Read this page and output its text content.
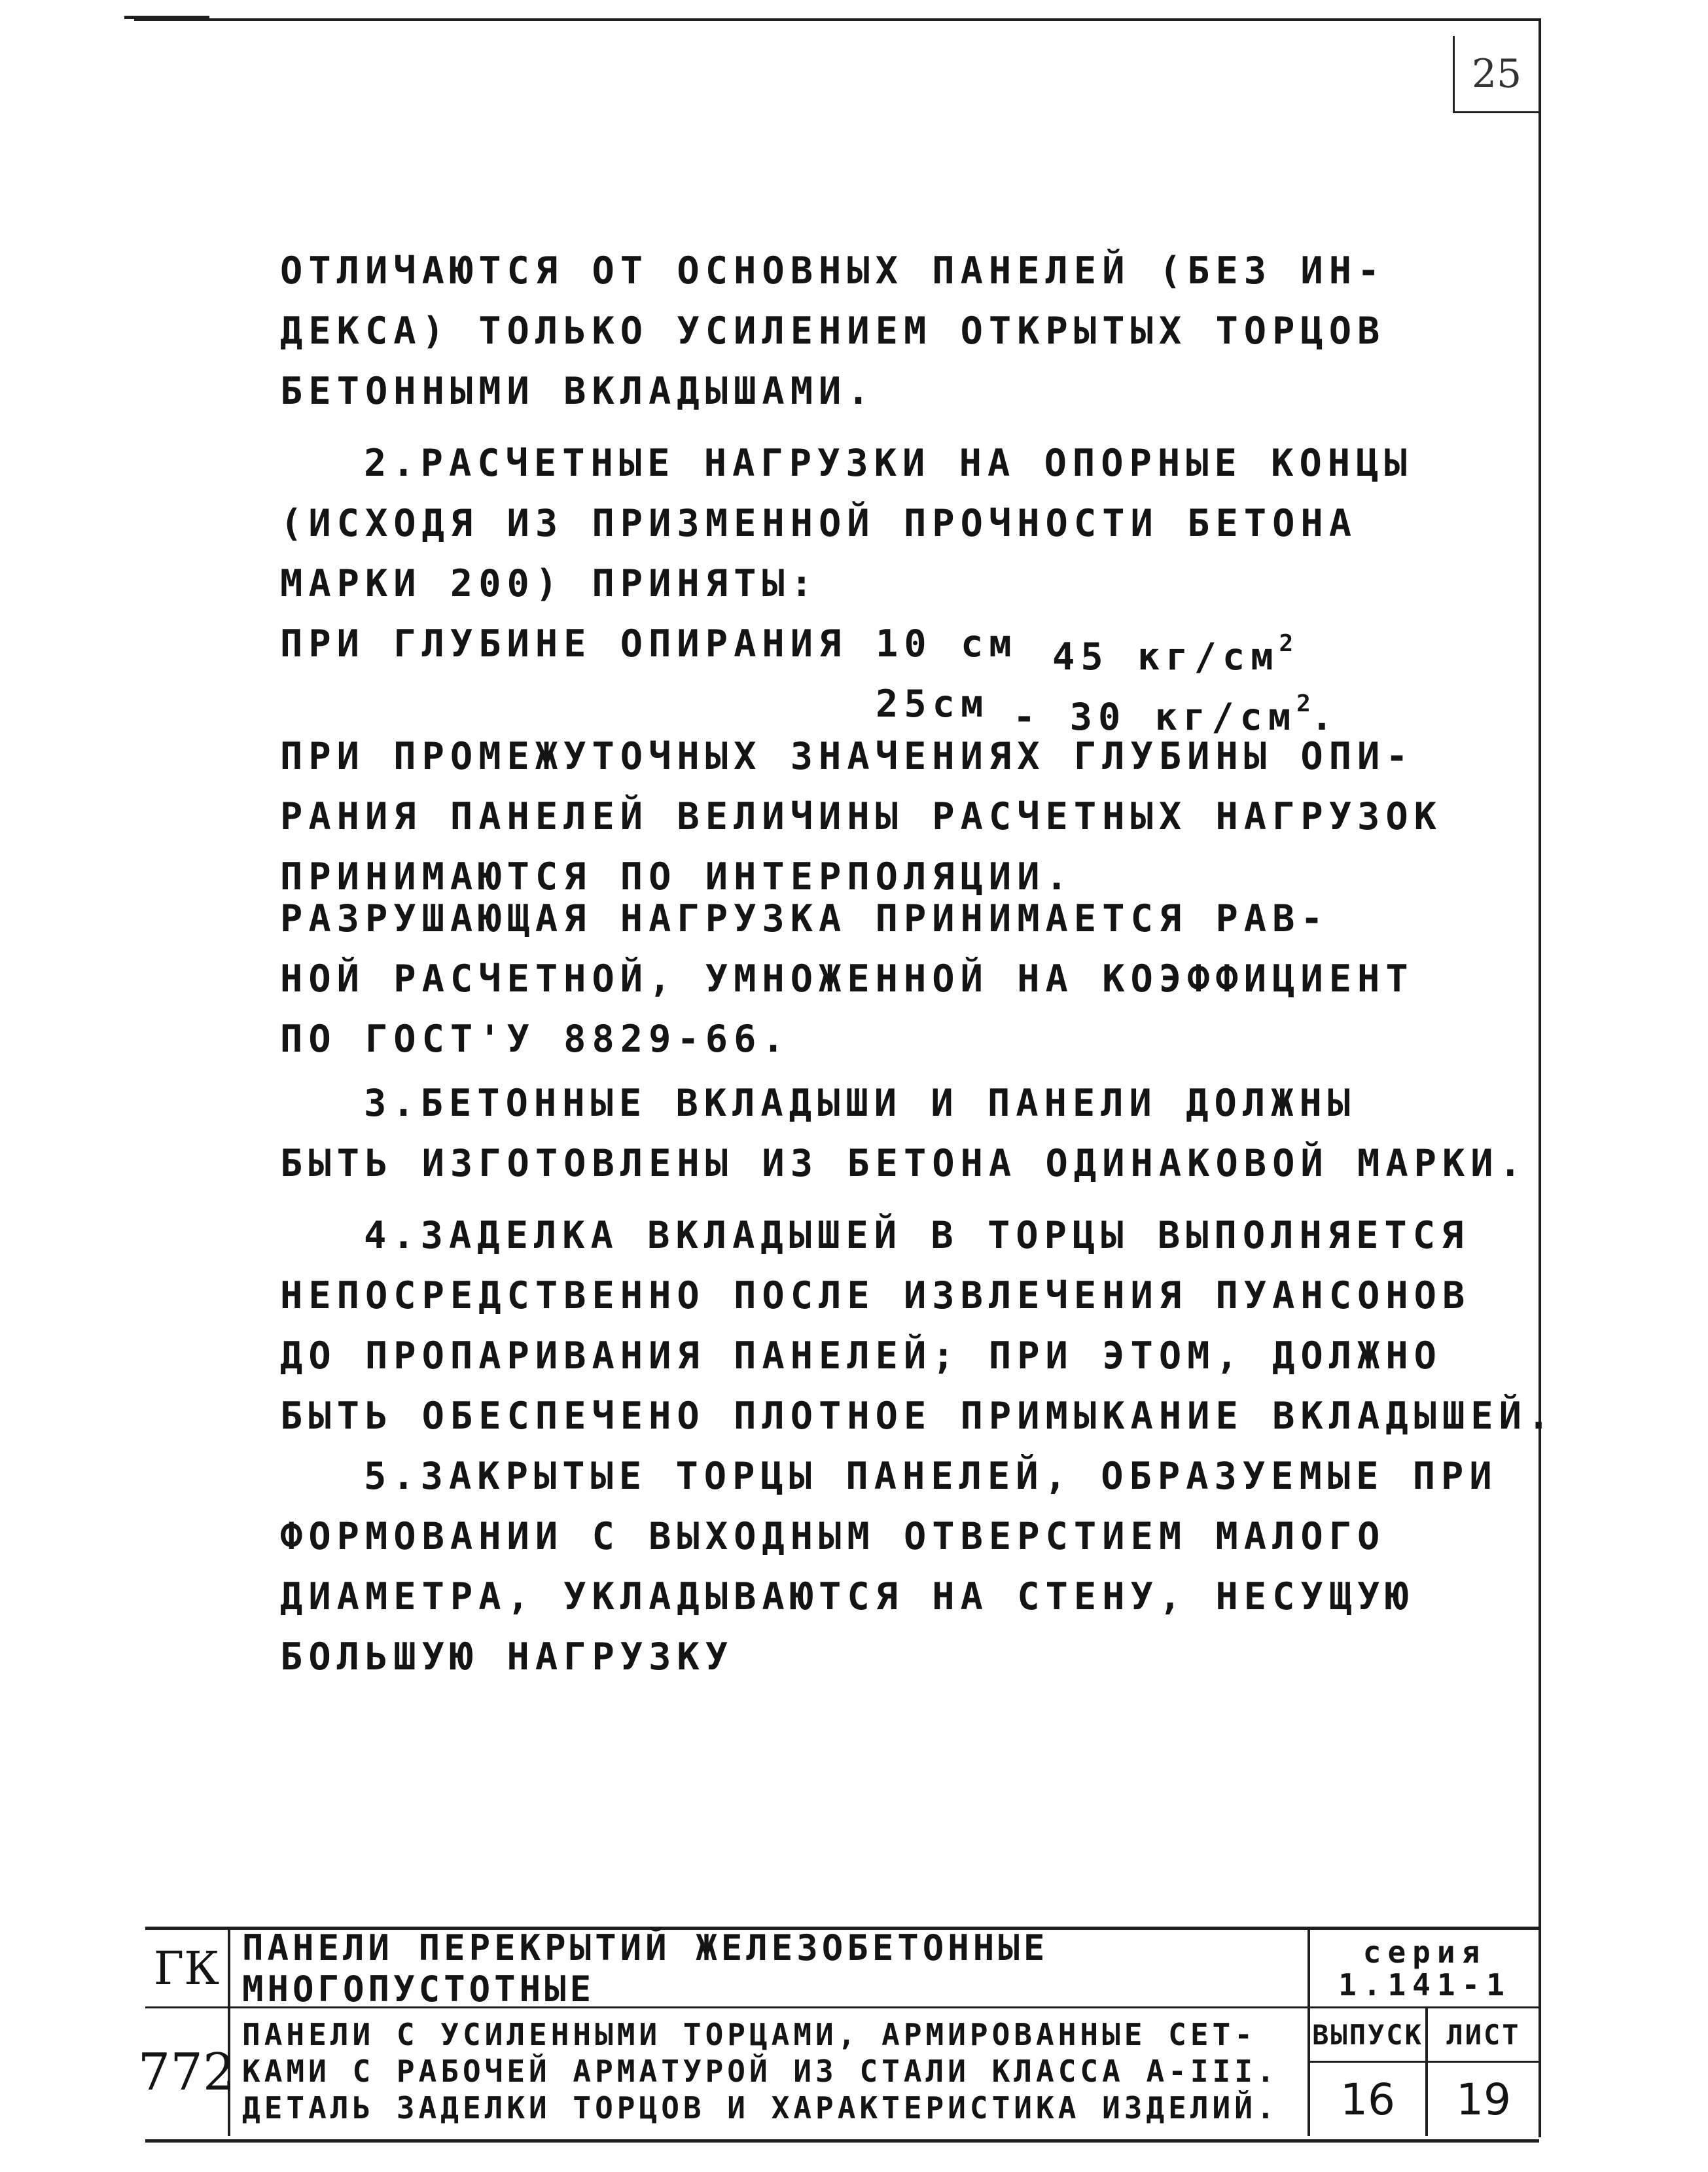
25
ОТЛИЧАЮТСЯ ОТ ОСНОВНЫХ ПАНЕЛЕЙ (БЕЗ ИН-
ДЕКСА) ТОЛЬКО УСИЛЕНИЕМ ОТКРЫТЫХ ТОРЦОВ
БЕТОННЫМИ ВКЛАДЫШАМИ.
2.РАСЧЕТНЫЕ НАГРУЗКИ НА ОПОРНЫЕ КОНЦЫ
(ИСХОДЯ ИЗ ПРИЗМЕННОЙ ПРОЧНОСТИ БЕТОНА
МАРКИ 200) ПРИНЯТЫ:
ПРИ ГЛУБИНЕ ОПИРАНИЯ 10 см 45 $кг/см^2$
25см - 30 $кг/см^2$.
ПРИ ПРОМЕЖУТОЧНЫХ ЗНАЧЕНИЯХ ГЛУБИНЫ ОПИ-
РАНИЯ ПАНЕЛЕЙ ВЕЛИЧИНЫ РАСЧЕТНЫХ НАГРУЗОК
ПРИНИМАЮТСЯ ПО ИНТЕРПОЛЯЦИИ.
РАЗРУШАЮЩАЯ НАГРУЗКА ПРИНИМАЕТСЯ РАВ-
НОЙ РАСЧЕТНОЙ, УМНОЖЕННОЙ НА КОЭФФИЦИЕНТ
ПО ГОСТ'У 8829-66.
3.БЕТОННЫЕ ВКЛАДЫШИ И ПАНЕЛИ ДОЛЖНЫ
БЫТЬ ИЗГОТОВЛЕНЫ ИЗ БЕТОНА ОДИНАКОВОЙ МАРКИ.
4.ЗАДЕЛКА ВКЛАДЫШЕЙ В ТОРЦЫ ВЫПОЛНЯЕТСЯ
НЕПОСРЕДСТВЕННО ПОСЛЕ ИЗВЛЕЧЕНИЯ ПУАНСОНОВ
ДО ПРОПАРИВАНИЯ ПАНЕЛЕЙ; ПРИ ЭТОМ, ДОЛЖНО
БЫТЬ ОБЕСПЕЧЕНО ПЛОТНОЕ ПРИМЫКАНИЕ ВКЛАДЫШЕЙ.
5.ЗАКРЫТЫЕ ТОРЦЫ ПАНЕЛЕЙ, ОБРАЗУЕМЫЕ ПРИ
ФОРМОВАНИИ С ВЫХОДНЫМ ОТВЕРСТИЕМ МАЛОГО
ДИАМЕТРА, УКЛАДЫВАЮТСЯ НА СТЕНУ, НЕСУЩУЮ
БОЛЬШУЮ НАГРУЗКУ
ГК
772
ПАНЕЛИ ПЕРЕКРЫТИЙ ЖЕЛЕЗОБЕТОННЫЕ МНОГОПУСТОТНЫЕ
серия
1.141-1
ПАНЕЛИ С УСИЛЕННЫМИ ТОРЦАМИ, АРМИРОВАННЫЕ СЕТ-
КАМИ С РАБОЧЕЙ АРМАТУРОЙ ИЗ СТАЛИ КЛАССА А-III.
ДЕТАЛЬ ЗАДЕЛКИ ТОРЦОВ И ХАРАКТЕРИСТИКА ИЗДЕЛИЙ.
ВЫПУСК
16
ЛИСТ
19
